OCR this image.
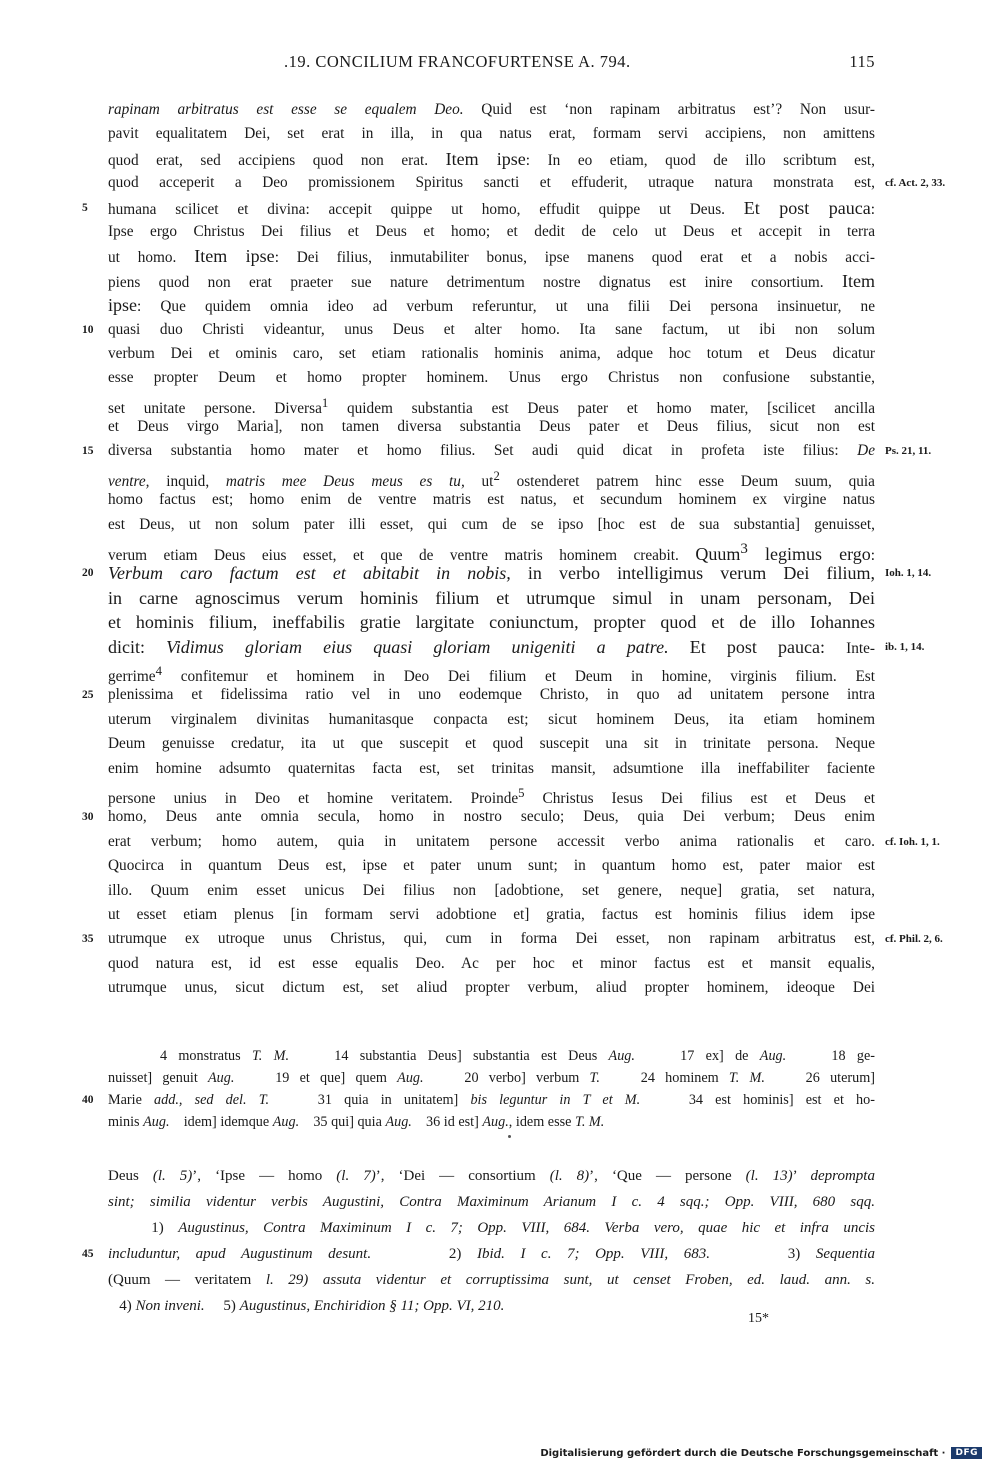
.19. CONCILIUM FRANCOFURTENSE A. 794.	115
rapinam arbitratus est esse se equalem Deo. Quid est ‘non rapinam arbitratus est’? Non usur-
pavit equalitatem Dei, set erat in illa, in qua natus erat, formam servi accipiens, non amittens
quod erat, sed accipiens quod non erat. Item ipse: In eo etiam, quod de illo scribtum est,
quod acceperit a Deo promissionem Spiritus sancti et effuderit, utraque natura monstrata est, cf. Act. 2, 33.
humana scilicet et divina: accepit quippe ut homo, effudit quippe ut Deus. Et post pauca:
5
Ipse ergo Christus Dei filius et Deus et homo; et dedit de celo ut Deus et accepit in terra
ut homo. Item ipse: Dei filius, inmutabiliter bonus, ipse manens quod erat et a nobis acci-
piens quod non erat praeter sue nature detrimentum nostre dignatus est inire consortium. Item
ipse: Que quidem omnia ideo ad verbum referuntur, ut una filii Dei persona insinuetur, ne
quasi duo Christi videantur, unus Deus et alter homo. Ita sane factum, ut ibi non solum
10
verbum Dei et ominis caro, set etiam rationalis hominis anima, adque hoc totum et Deus dicatur
esse propter Deum et homo propter hominem. Unus ergo Christus non confusione substantie,
set unitate persone. Diversa$^1$ quidem substantia est Deus pater et homo mater, [scilicet ancilla
et Deus virgo Maria], non tamen diversa substantia Deus pater et Deus filius, sicut non est
diversa substantia homo mater et homo filius. Set audi quid dicat in profeta iste filius: De
15	Ps. 21, 11.
ventre, inquid, matris mee Deus meus es tu, $ut^2$ ostenderet patrem hinc esse Deum suum, quia
homo factus est; homo enim de ventre matris est natus, et secundum hominem ex virgine natus
est Deus, ut non solum pater illi esset, qui cum de se ipso [hoc est de sua substantia] genuisset,
verum etiam Deus eius esset, et que de ventre matris hominem creabit. Quum$^3$ legimus ergo:
Verbum caro factum est et abitabit in nobis, in verbo intelligimus verum Dei filium,
20	Ioh. 1, 14.
in carne agnoscimus verum hominis filium et utrumque simul in unam personam, Dei
et hominis filium, ineffabilis gratie largitate coniunctum, propter quod et de illo Iohannes
dicit: Vidimus gloriam eius quasi gloriam unigeniti a patre. Et post pauca: Inte- ib. 1, 14.
gerrime$^4$ confitemur et hominem in Deo Dei filium et Deum in homine, virginis filium. Est
plenissima et fidelissima ratio vel in uno eodemque Christo, in quo ad unitatem persone intra
25
uterum virginalem divinitas humanitasque conpacta est; sicut hominem Deus, ita etiam hominem
Deum genuisse credatur, ita ut que suscepit et quod suscepit una sit in trinitate persona. Neque
enim homine adsumto quaternitas facta est, set trinitas mansit, adsumtione illa ineffabiliter faciente
persone unius in Deo et homine veritatem. Proinde$^5$ Christus Iesus Dei filius est et Deus et
homo, Deus ante omnia secula, homo in nostro seculo; Deus, quia Dei verbum; Deus enim
30
erat verbum; homo autem, quia in unitatem persone accessit verbo anima rationalis et caro. cf. Ioh. 1, 1.
Quocirca in quantum Deus est, ipse et pater unum sunt; in quantum homo est, pater maior est
illo. Quum enim esset unicus Dei filius non [adobtione, set genere, neque] gratia, set natura,
ut esset etiam plenus [in formam servi adobtione et] gratia, factus est hominis filius idem ipse
utrumque ex utroque unus Christus, qui, cum in forma Dei esset, non rapinam arbitratus est,
35	cf. Phil. 2, 6.
quod natura est, id est esse equalis Deo. Ac per hoc et minor factus est et mansit equalis,
utrumque unus, sicut dictum est, set aliud propter verbum, aliud propter hominem, ideoque Dei
4 monstratus T. M.    14 substantia Deus] substantia est Deus Aug.    17 ex] de Aug.    18 ge-
nuisset] genuit Aug.    19 et que] quem Aug.    20 verbo] verbum T.    24 hominem T. M.    26 uterum]
Marie add., sed del. T.    31 quia in unitatem] bis leguntur in T et M.    34 est hominis] est et ho-
40
minis Aug.    idem] idemque Aug.    35 qui] quia Aug.    36 id est] Aug., idem esse T. M.
Deus (l. 5)’, ‘Ipse — homo (l. 7)’, ‘Dei — consortium (l. 8)’, ‘Que — persone (l. 13)’ deprompta
sint; similia videntur verbis Augustini, Contra Maximinum Arianum I c. 4 sqq.; Opp. VIII, 680 sqq.
1) Augustinus, Contra Maximinum I c. 7; Opp. VIII, 684. Verba vero, quae hic et infra uncis
includuntur, apud Augustinum desunt.     2) Ibid. I c. 7; Opp. VIII, 683.     3) Sequentia
45
(Quum — veritatem l. 29) assuta videntur et corruptissima sunt, ut censet Froben, ed. laud. ann. s.
4) Non inveni.     5) Augustinus, Enchiridion § 11; Opp. VI, 210.
15*
Digitalisierung gefördert durch die Deutsche Forschungsgemeinschaft ·	DFG
